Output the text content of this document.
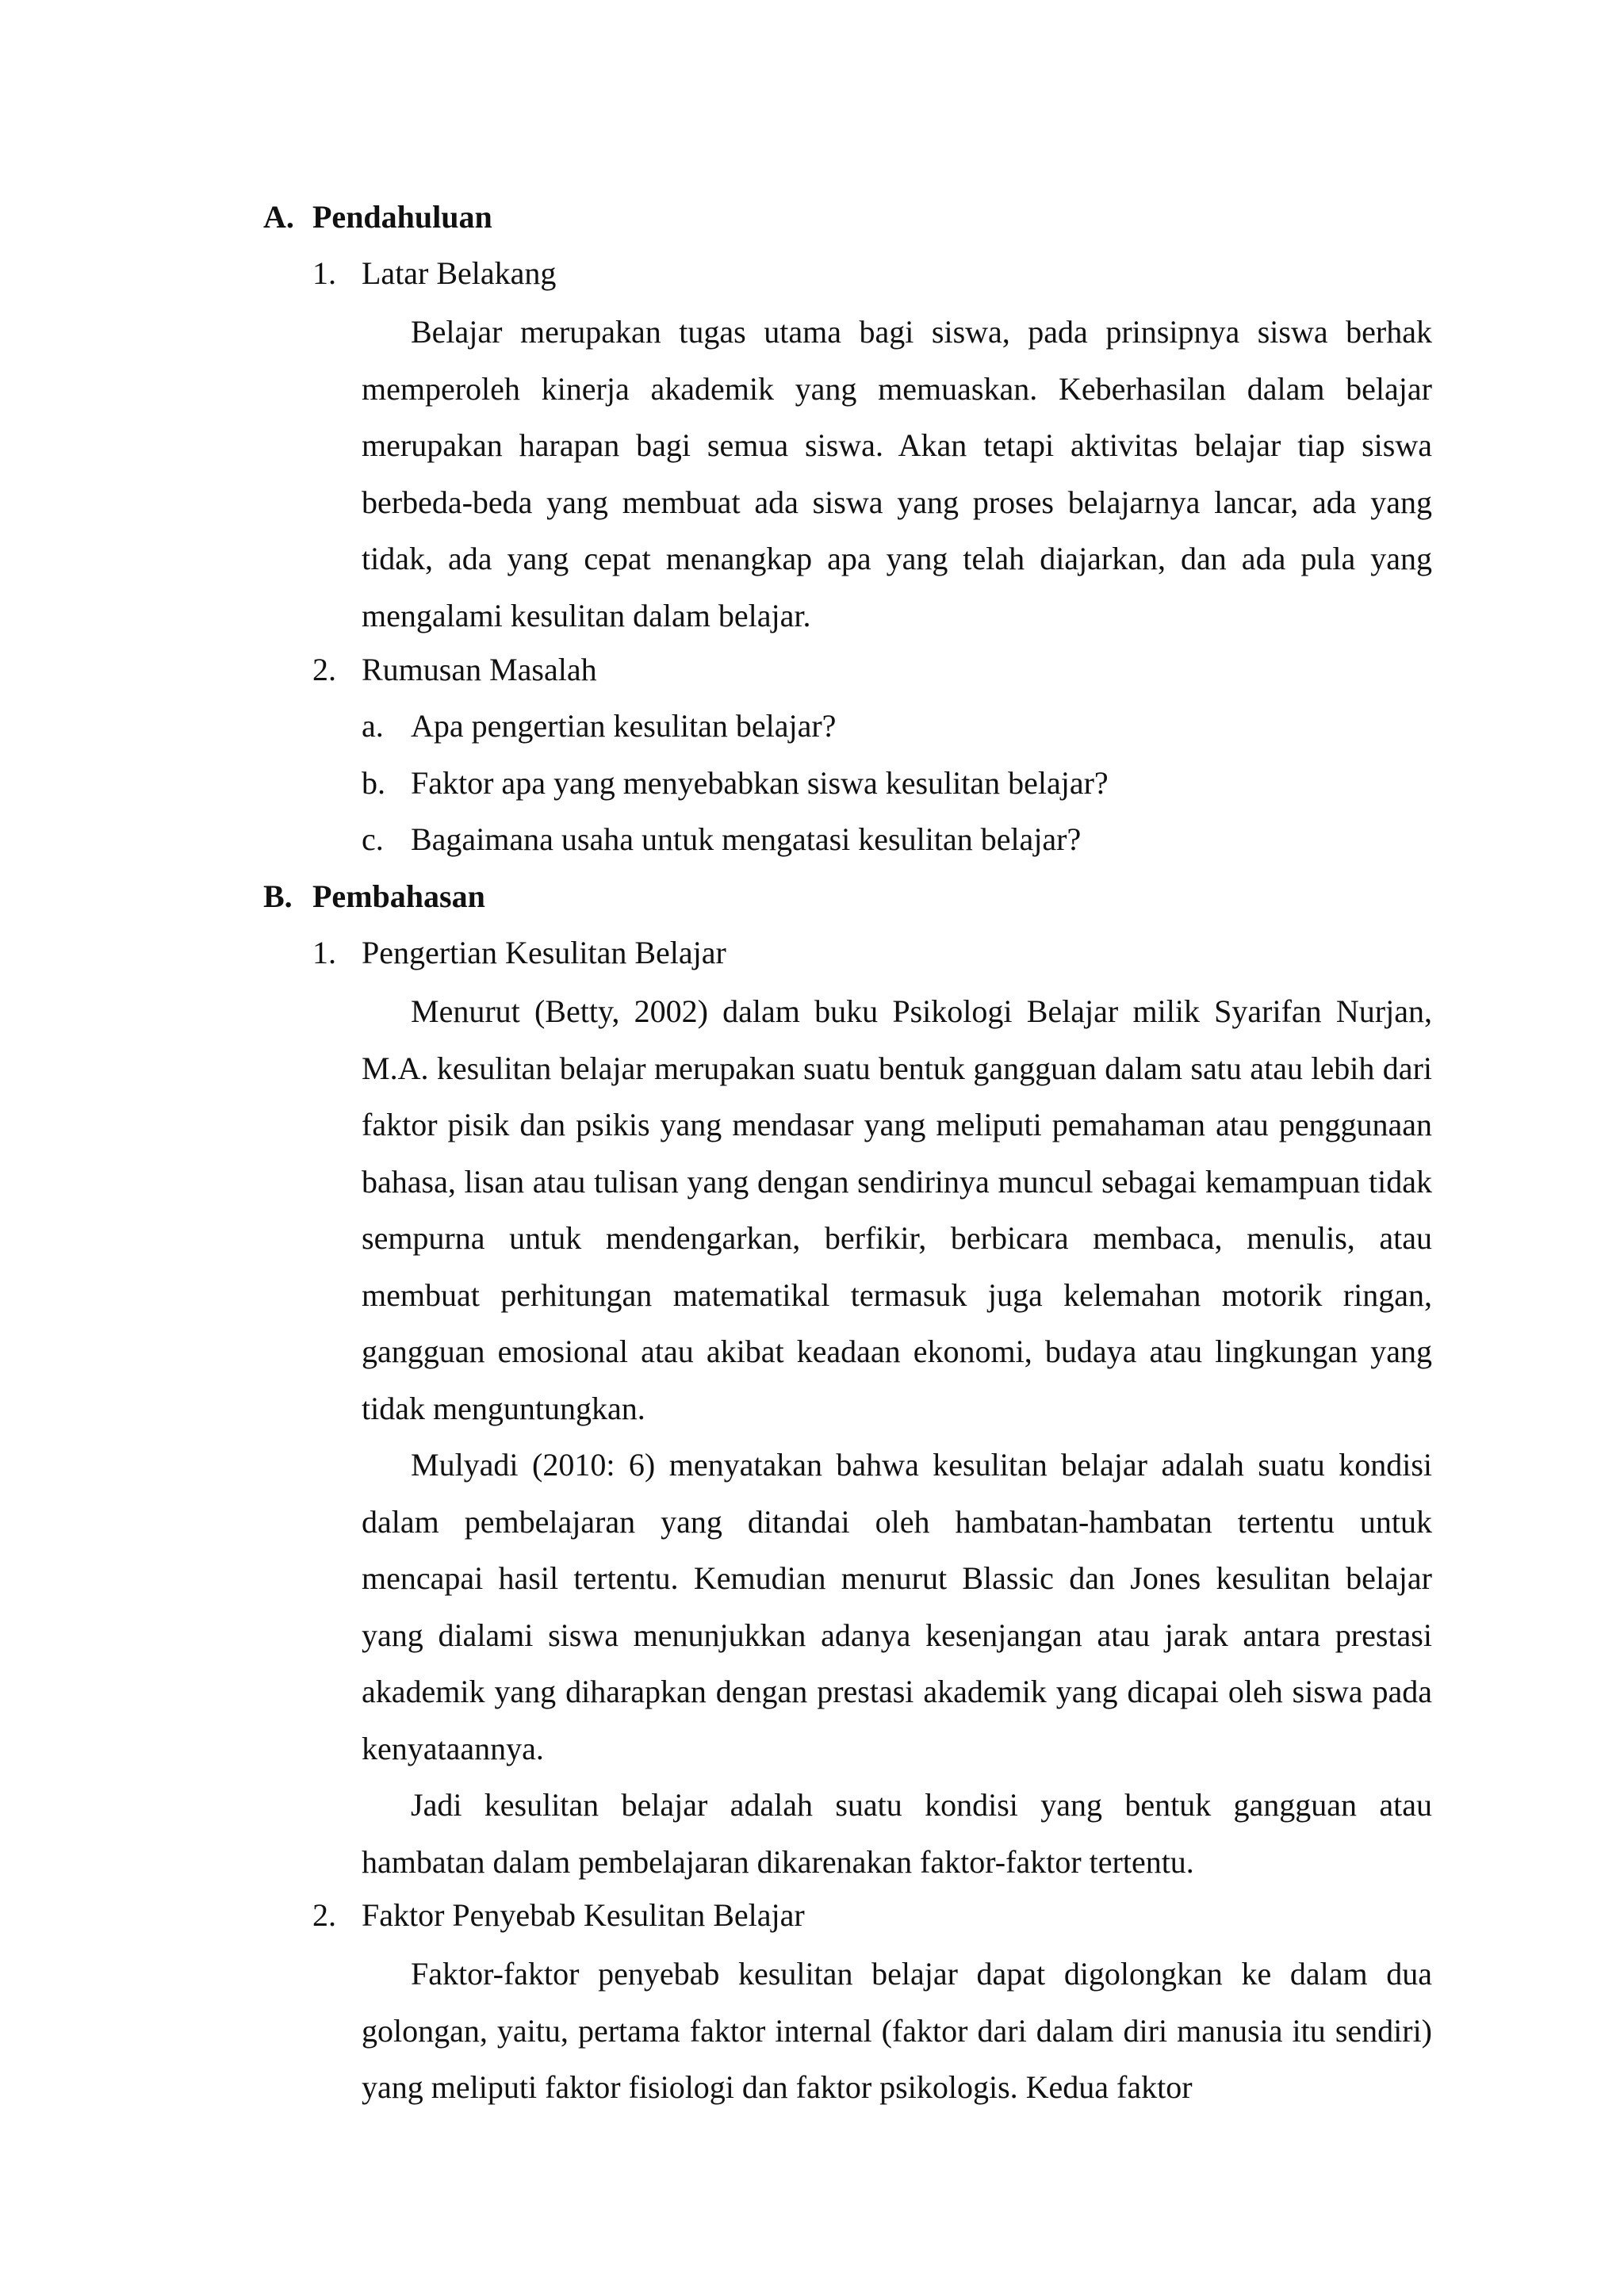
A. Pendahuluan
1. Latar Belakang
Belajar merupakan tugas utama bagi siswa, pada prinsipnya siswa berhak memperoleh kinerja akademik yang memuaskan. Keberhasilan dalam belajar merupakan harapan bagi semua siswa. Akan tetapi aktivitas belajar tiap siswa berbeda-beda yang membuat ada siswa yang proses belajarnya lancar, ada yang tidak, ada yang cepat menangkap apa yang telah diajarkan, dan ada pula yang mengalami kesulitan dalam belajar.
2. Rumusan Masalah
a. Apa pengertian kesulitan belajar?
b. Faktor apa yang menyebabkan siswa kesulitan belajar?
c. Bagaimana usaha untuk mengatasi kesulitan belajar?
B. Pembahasan
1. Pengertian Kesulitan Belajar
Menurut (Betty, 2002) dalam buku Psikologi Belajar milik Syarifan Nurjan, M.A. kesulitan belajar merupakan suatu bentuk gangguan dalam satu atau lebih dari faktor pisik dan psikis yang mendasar yang meliputi pemahaman atau penggunaan bahasa, lisan atau tulisan yang dengan sendirinya muncul sebagai kemampuan tidak sempurna untuk mendengarkan, berfikir, berbicara membaca, menulis, atau membuat perhitungan matematikal termasuk juga kelemahan motorik ringan, gangguan emosional atau akibat keadaan ekonomi, budaya atau lingkungan yang tidak menguntungkan.
Mulyadi (2010: 6) menyatakan bahwa kesulitan belajar adalah suatu kondisi dalam pembelajaran yang ditandai oleh hambatan-hambatan tertentu untuk mencapai hasil tertentu. Kemudian menurut Blassic dan Jones kesulitan belajar yang dialami siswa menunjukkan adanya kesenjangan atau jarak antara prestasi akademik yang diharapkan dengan prestasi akademik yang dicapai oleh siswa pada kenyataannya.
Jadi kesulitan belajar adalah suatu kondisi yang bentuk gangguan atau hambatan dalam pembelajaran dikarenakan faktor-faktor tertentu.
2. Faktor Penyebab Kesulitan Belajar
Faktor-faktor penyebab kesulitan belajar dapat digolongkan ke dalam dua golongan, yaitu, pertama faktor internal (faktor dari dalam diri manusia itu sendiri) yang meliputi faktor fisiologi dan faktor psikologis. Kedua faktor
